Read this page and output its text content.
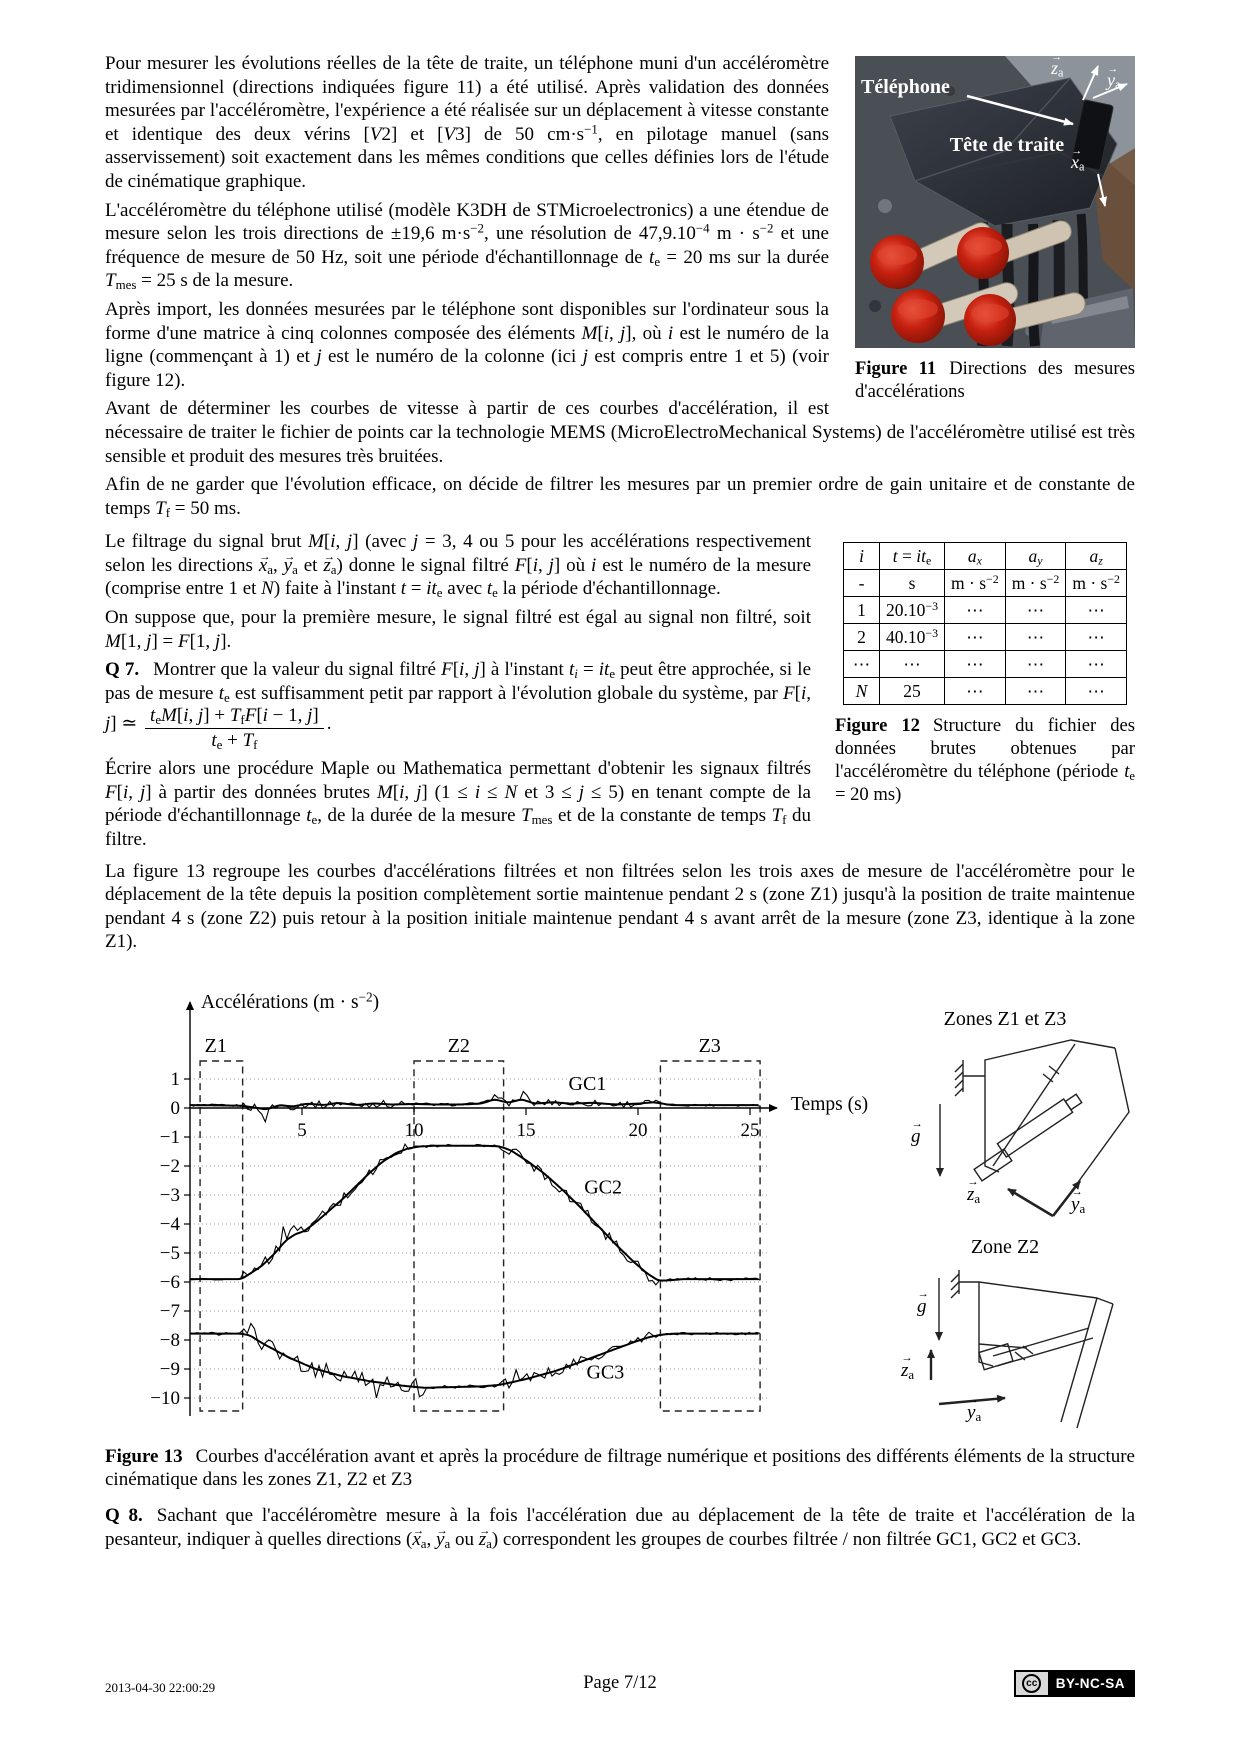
Téléphone
Tête de traite
$z \to_a$ $y \to_a$
$x \to_a$
Figure 11 Directions des mesures d'accélérations

Pour mesurer les évolutions réelles de la tête de traite, un téléphone muni d'un accéléromètre tridimensionnel (directions indiquées figure 11) a été utilisé. Après validation des données mesurées par l'accéléromètre, l'expérience a été réalisée sur un déplacement à vitesse constante et identique des deux vérins [V2] et [V3] de 50 $cm\cdot s^{-1}$, en pilotage manuel (sans asservissement) soit exactement dans les mêmes conditions que celles définies lors de l'étude de cinématique graphique.

L'accéléromètre du téléphone utilisé (modèle K3DH de STMicroelectronics) a une étendue de mesure selon les trois directions de ±19,6 $m\cdot s^{-2}$, une résolution de $47,9.10^{-4}$ $m \cdot s^{-2}$ et une fréquence de mesure de 50 Hz, soit une période d'échantillonnage de $t_e = 20$ ms sur la durée $T_{mes} = 25$ s de la mesure.

Après import, les données mesurées par le téléphone sont disponibles sur l'ordinateur sous la forme d'une matrice à cinq colonnes composée des éléments M[i, j], où i est le numéro de la ligne (commençant à 1) et j est le numéro de la colonne (ici j est compris entre 1 et 5) (voir figure 12).

Avant de déterminer les courbes de vitesse à partir de ces courbes d'accélération, il est nécessaire de traiter le fichier de points car la technologie MEMS (MicroElectroMechanical Systems) de l'accéléromètre utilisé est très sensible et produit des mesures très bruitées.

Afin de ne garder que l'évolution efficace, on décide de filtrer les mesures par un premier ordre de gain unitaire et de constante de temps $T_f = 50$ ms.

i	$t = it_e$	$a_x$	$a_y$	$a_z$
-	s	$m \cdot s^{-2}$	$m \cdot s^{-2}$	$m \cdot s^{-2}$
1	$20.10^{-3}$	⋯	⋯	⋯
2	$40.10^{-3}$	⋯	⋯	⋯
⋯	⋯	⋯	⋯	⋯
N	25	⋯	⋯	⋯
Figure 12 Structure du fichier des données brutes obtenues par l'accéléromètre du téléphone (période $t_e = 20$ ms)

Le filtrage du signal brut M[i, j] (avec j = 3, 4 ou 5 pour les accélérations respectivement selon les directions $x \to_a$, $y \to_a$ et $z \to_a$) donne le signal filtré F[i, j] où i est le numéro de la mesure (comprise entre 1 et N) faite à l'instant $t = it_e$ avec $t_e$ la période d'échantillonnage.

On suppose que, pour la première mesure, le signal filtré est égal au signal non filtré, soit M[1, j] = F[1, j].

Q 7. Montrer que la valeur du signal filtré F[i, j] à l'instant $t_i = it_e$ peut être approchée, si le pas de mesure $t_e$ est suffisamment petit par rapport à l'évolution globale du système, par F[i, j] ≃ $\frac{t_eM[i, j] + T_fF[i - 1, j]}{t_e + T_f}$ .

Écrire alors une procédure Maple ou Mathematica permettant d'obtenir les signaux filtrés F[i, j] à partir des données brutes M[i, j] (1 ≤ i ≤ N et 3 ≤ j ≤ 5) en tenant compte de la période d'échantillonnage $t_e$, de la durée de la mesure $T_{mes}$ et de la constante de temps $T_f$ du filtre.

La figure 13 regroupe les courbes d'accélérations filtrées et non filtrées selon les trois axes de mesure de l'accéléromètre pour le déplacement de la tête depuis la position complètement sortie maintenue pendant 2 s (zone Z1) jusqu'à la position de traite maintenue pendant 4 s (zone Z2) puis retour à la position initiale maintenue pendant 4 s avant arrêt de la mesure (zone Z3, identique à la zone Z1).

1
0
−1
−2
−3
−4
−5
−6
−7
−8
−9
−10
Z1	Z2	Z3
5	10	15	20	25
GC1
GC2
GC3
Accélérations $(m \cdot s^{-2})$
Temps (s)
Zones Z1 et Z3
g →
$z \to_a$	$y \to_a$
Zone Z2
g →
$z \to_a$
$y \to_a$

Figure 13 Courbes d'accélération avant et après la procédure de filtrage numérique et positions des différents éléments de la structure cinématique dans les zones Z1, Z2 et Z3

Q 8. Sachant que l'accéléromètre mesure à la fois l'accélération due au déplacement de la tête de traite et l'accélération de la pesanteur, indiquer à quelles directions ($x \to_a$, $y \to_a$ ou $z \to_a$) correspondent les groupes de courbes filtrée / non filtrée GC1, GC2 et GC3.

2013-04-30 22:00:29	Page 7/12	cc	BY-NC-SA
